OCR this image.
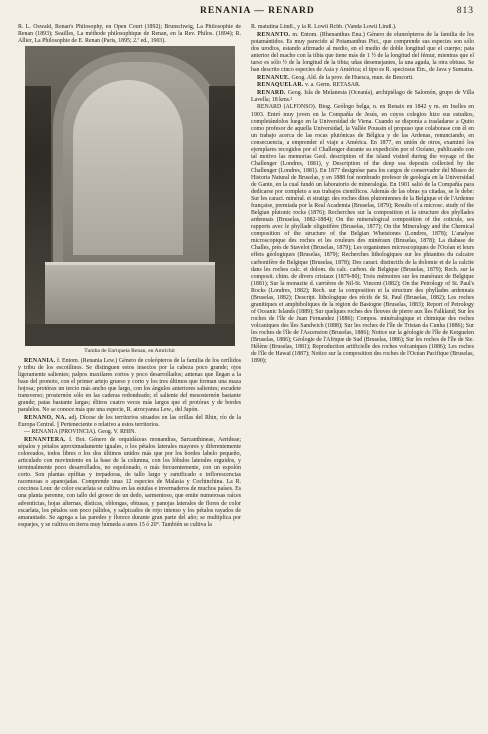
RENANIA — RENARD	813

R. L. Oswald, Renan's Philosophy, en Open Court (1892); Brunschwig, La Philosophie de Renan (1893); Seailles, La méthode philosophique de Renan, en la Rev. Philos. (1894); R. Allier, La Philosophie de E. Renan (Paris, 1895; 2.ª ed., 1903).

Tumba de Enriqueta Renan, en Amrichit

RENANIA. f. Entom. (Renania Lew.) Género de coleópteros de la familia de los cerílidos y tribu de los escotílinos. Se distinguen estos insectos por la cabeza poco grande; ojos ligeramente salientes; palpos maxilares cortos y poco desarrollados; antenas que llegan a la base del pronoto, con el primer artejo grueso y corto y los tres últimos que forman una maza hojosa; protórax un tercio más ancho que largo, con los ángulos anteriores salientes; escudete transverso; prosternón sólo en las caderas redondeado; el saliente del mesosternón bastante grande; patas bastante largas; élitros cuatro veces más largos que el protórax y de bordes paralelos. No se conoce más que una especie, R. atrocyanea Lew., del Japón.

RENANO, NA. adj. Dícese de los territorios situados en las orillas del Rhin, río de la Europa Central. || Perteneciente o relativo a estos territorios.

— RENANIA (PROVINCIA). Geog. V. RHIN.

RENANTERA. f. Bot. Género de orquidáceas monandras, Sarcanthineae, Aerideae; sépalos y pétalos aproximadamente iguales, o los pétalos laterales mayores y diferentemente coloreados, todos libres o los dos últimos unidos más que por los bordes labelo pequeño, articulado con movimiento en la base de la columna, con los lóbulos laterales erguidos, y terminalmente poco desarrollados, no espolonado, o más frecuentemente, con un espolón corto. Son plantas epífitas y trepadoras, de tallo largo y ramificado e inflorescencias racemosas o apanojadas. Comprende unas 12 especies de Malasia y Cochinchina. La R. coccinea Lour. de color escarlata se cultiva en las estufas e invernaderos de muchos países. Es una planta perenne, con tallo del grosor de un dedo, sarmentoso, que emite numerosas raíces adventicias, hojas alternas, dísticas, oblongas, obtusas, y panojas laterales de flores de color escarlata, los pétalos son poco pálidos, y salpicados de rojo intenso y los pétalos rayados de amarantado. Se agrega a las paredes y florece durante gran parte del año; se multiplica por esquejes, y se cultiva en tierra muy húmeda a unos 15 ó 20°. También se cultiva la

R. matutina Lindl., y la R. Lowii Rchb. (Vanda Lowii Lindl.).

RENANTO. m. Entom. (Rhenanthus Enu.) Género de eluneópteros de la familia de los potamántidos. Es muy parecido al Potamanthus Pict., que comprende sus especies son sólo dos urodios, estando afirmado al medio, en el medio de doble longitud que el cuerpo; pata anterior del macho con la tibia que tiene más de 1 ½ de la longitud del fémur, mientras que el tarso es sólo ½ de la longitud de la tibia; uñas desemejantes, la una aguda, la otra obtusa. Se han descrito cinco especies de Asia y América; el tipo es R. speciosus Etn., de Java y Sumatra.

RENANUE. Geog. Ald. de la prov. de Huesca, mun. de Bescorti.

RENAQUELAR. v. a. Germ. RETASAR.

RENARD. Geog. Isla de Melanesia (Oceanía), archipiélago de Salomón, grupo de Villa Lavella; 18 kms.²

RENARD (ALFONSO). Biog. Geólogo belga, n. en Renaix en 1842 y m. en Ixelles en 1903. Entró muy joven en la Compañía de Jesús, en cuyos colegios hizo sus estudios, completándolos luego en la Universidad de Viena. Cuando se disponía a trasladarse a Quito como profesor de aquella Universidad, la Vallée Poussin el propuso que colaborase con él en un trabajo acerca de las rocas plutónicas de Bélgica y de las Ardenas, renunciando, en consecuencia, a emprender el viaje a América. En 1877, en unión de otros, examinó los ejemplares recogidos por el Challenger durante su expedición por el Océano, publicando con tal motivo las memorias Geol. description of the island visited during the voyage of the Challenger (Londres, 1881), y Description of the deep sea deposits collected by the Challenger (Londres, 1881). En 1877 designóse para los cargos de conservador del Museo de Historia Natural de Bruselas, y en 1888 fué nombrado profesor de geología en la Universidad de Gante, en la cual fundó un laboratorio de mineralogía. En 1901 salió de la Compañía para dedicarse por completo a sus trabajos científicos. Además de las obras ya citadas, se le debe: Sur les caract. minéral. et stratigr. des roches dites plutoniennes de la Belgique et de l'Ardenne française, premiada por la Real Academia (Bruselas, 1879); Results of a microsc. study of the Belgian plutonic rocks (1876); Recherches sur la composition et la structure des phyllades ardennais (Bruselas, 1882-1884); On the mineralogical composition of the coticule, ses rapports avec le phyllade oligistifère (Bruselas, 1877); On the Mineralogy and the Chemical composition of the structure of the Belgian Whetstones (Londres, 1878); L'analyse microscopique des roches et les couleurs des minéraux (Bruselas, 1878); La diabase de Challes, près de Stavelot (Bruselas, 1879); Les organismes microscopiques de l'Océan et leurs effets géologiques (Bruselas, 1879); Recherches lithologiques sur les phtanites du calcaire carbonifère de Belgique (Bruselas, 1878); Des caract. distinctifs de la dolomie et de la calcite dans les roches calc. et dolom. du calc. carbon. de Belgique (Bruselas, 1879); Rech. sur la composit. chim. de divers cristaux (1879-80); Trois mémoires sur les manéraux de Belgique (1881); Sur la monazite d. carrières de Nil-St. Vincent (1882); On the Petrology of St. Paul's Rocks (Londres, 1882); Rech. sur la composition et la structure des phyllades ardennais (Bruselas, 1882); Descript. lithologique des récifs de St. Paul (Bruselas, 1882); Les roches granitiques et amphiboliques de la région de Bastogne (Bruselas, 1883); Report of Petrology of Oceanic Islands (1889); Sur quelques roches des fleuves de pierre aux îles Falkland; Sur les roches de l'île de Juan Fernandez (1886); Compos. minéralogique et chimique des roches volcaniques des îles Sandwich (1888); Sur les roches de l'île de Tristan da Cunha (1886); Sur les roches de l'île de l'Ascension (Bruselas, 1886); Notice sur la géologie de l'île de Kerguelen (Bruselas, 1886); Géologie de l'Afrique de Sud (Bruselas, 1886); Sur les roches de l'île de Ste. Hélène (Bruselas, 1881); Reproduction artificielle des roches volcaniques (1886); Les roches de l'île de Hawaï (1887); Notice sur la composition des roches de l'Océan Pacifique (Bruselas, 1890);
